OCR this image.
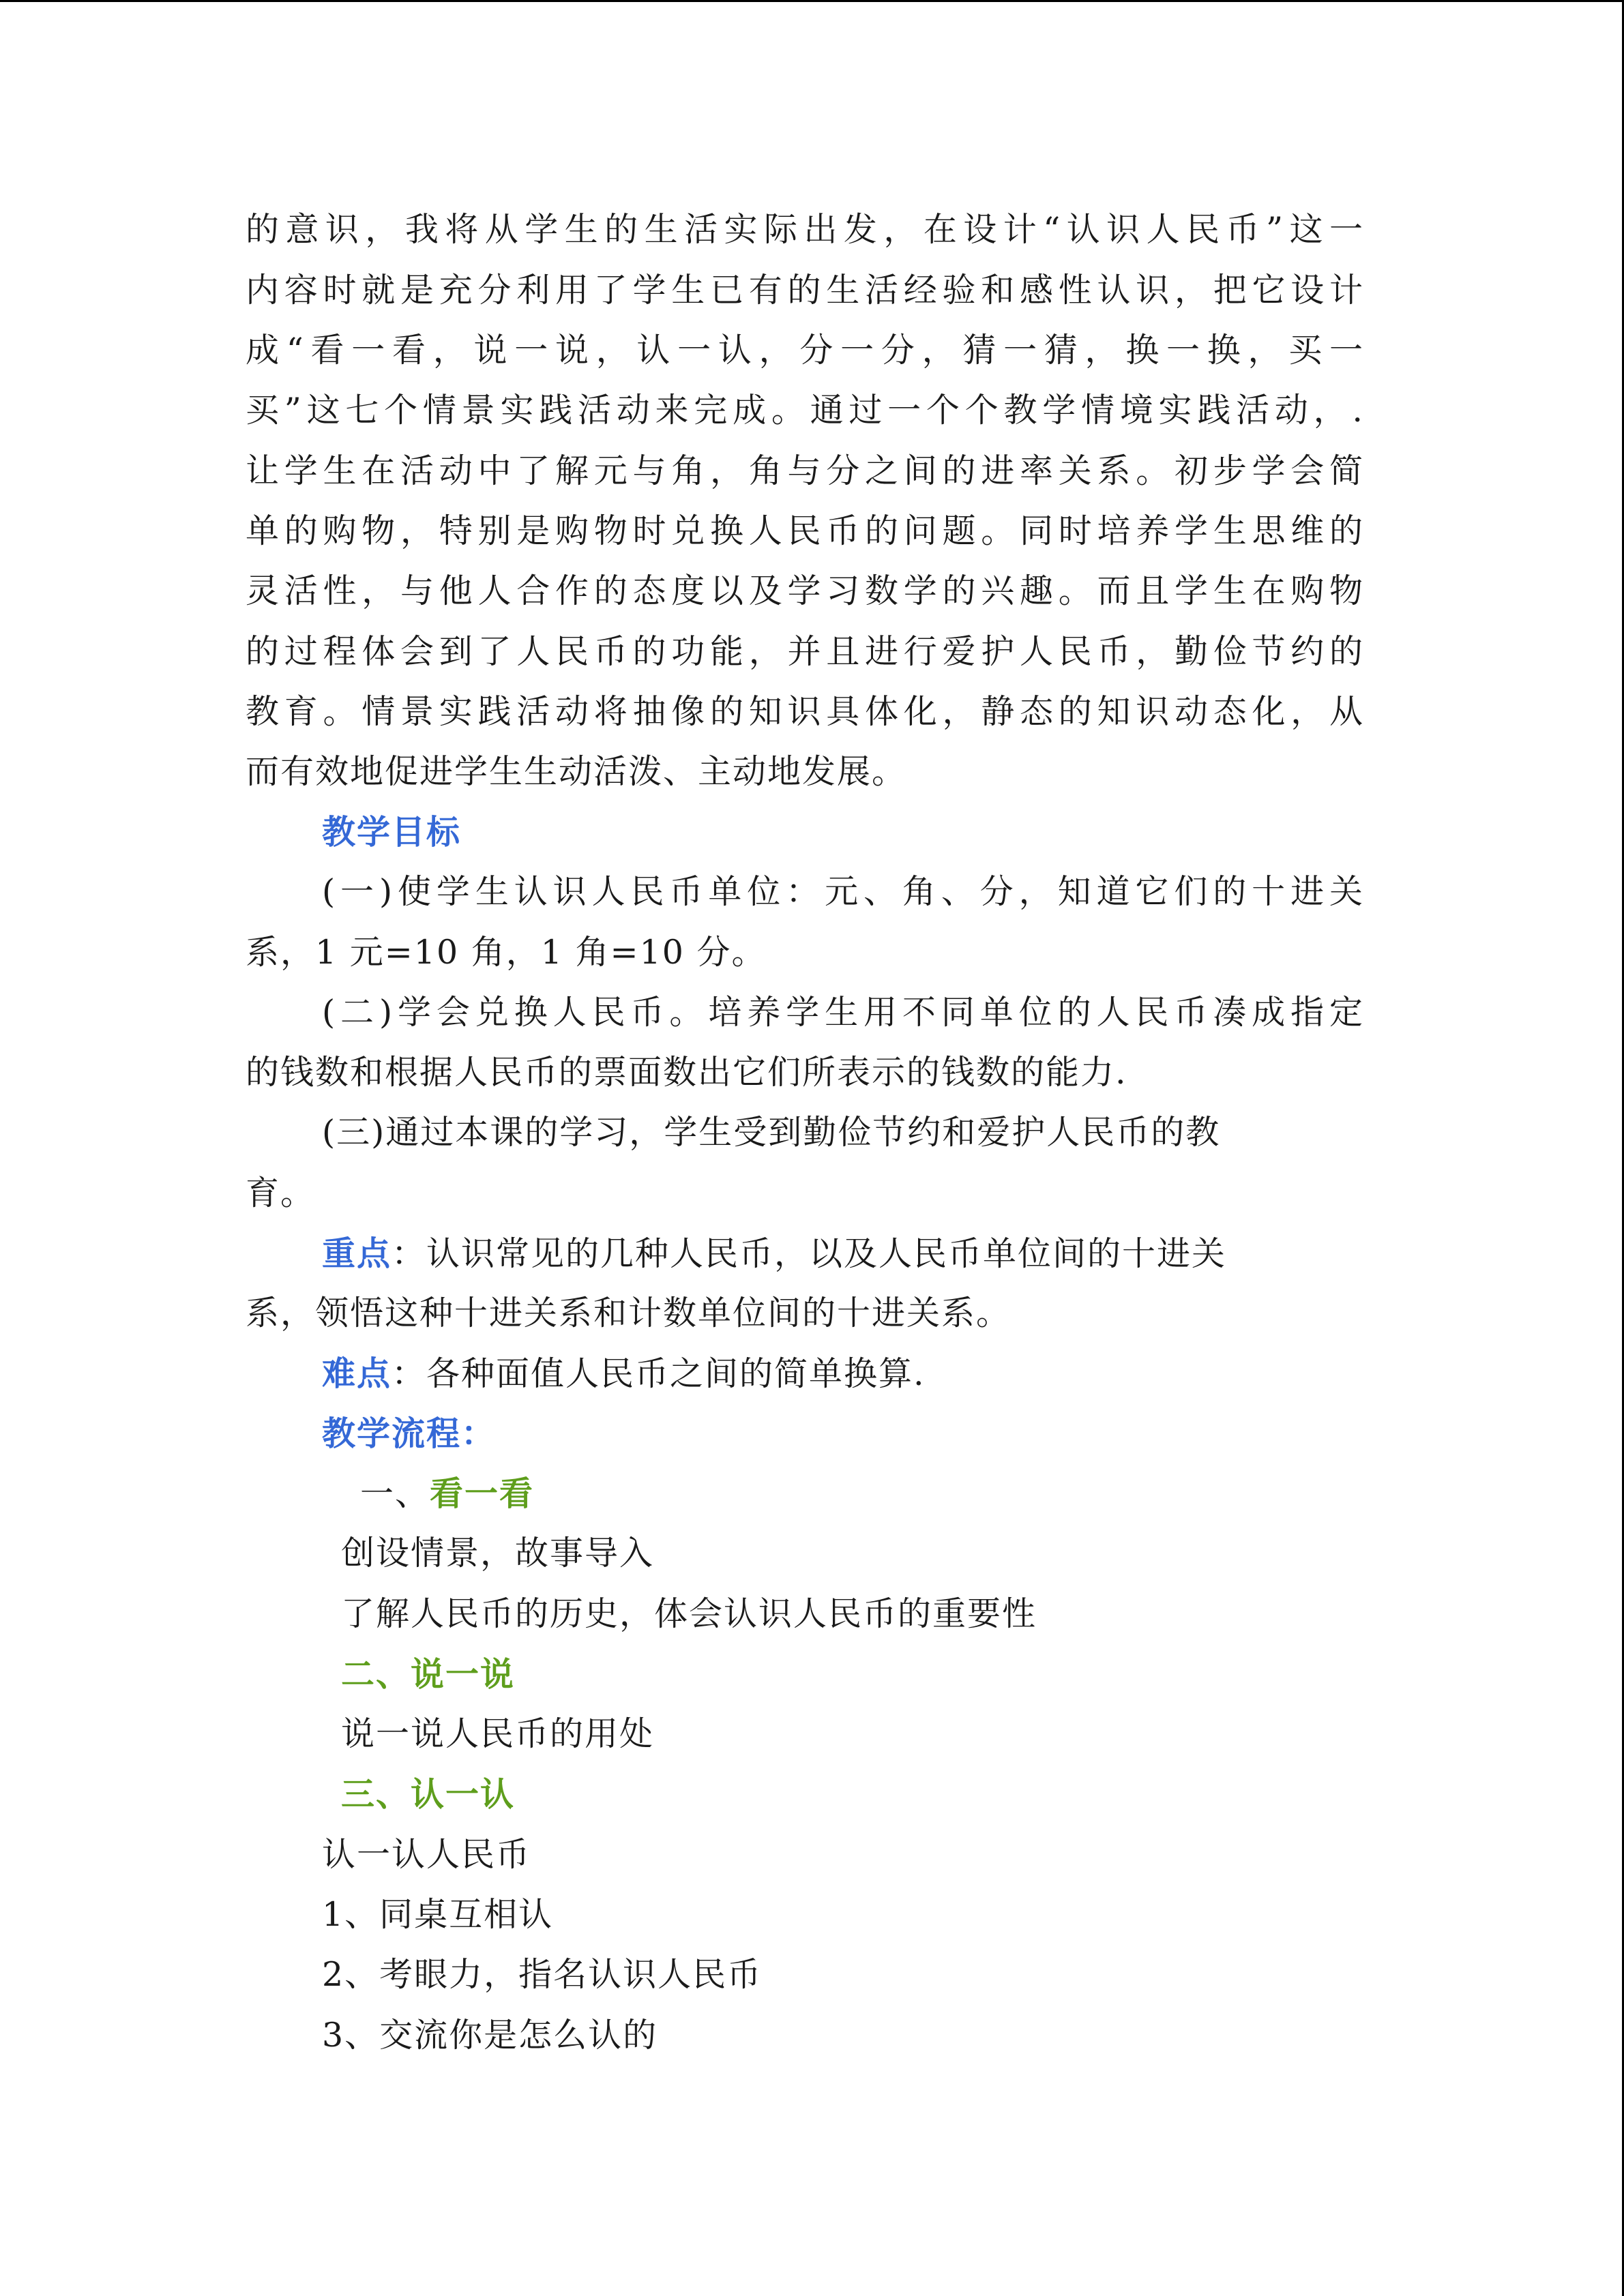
的意识，我将从学生的生活实际出发，在设计“认识人民币”这一
内容时就是充分利用了学生已有的生活经验和感性认识，把它设计
成“看一看，说一说，认一认，分一分，猜一猜，换一换，买一
买”这七个情景实践活动来完成。通过一个个教学情境实践活动，.
让学生在活动中了解元与角，角与分之间的进率关系。初步学会简
单的购物，特别是购物时兑换人民币的问题。同时培养学生思维的
灵活性，与他人合作的态度以及学习数学的兴趣。而且学生在购物
的过程体会到了人民币的功能，并且进行爱护人民币，勤俭节约的
教育。情景实践活动将抽像的知识具体化，静态的知识动态化，从
而有效地促进学生生动活泼、主动地发展。
教学目标
(一)使学生认识人民币单位：元、角、分，知道它们的十进关
系，1 元=10 角，1 角=10 分。
(二)学会兑换人民币。培养学生用不同单位的人民币凑成指定
的钱数和根据人民币的票面数出它们所表示的钱数的能力.
(三)通过本课的学习，学生受到勤俭节约和爱护人民币的教
育。
重点：认识常见的几种人民币，以及人民币单位间的十进关
系，领悟这种十进关系和计数单位间的十进关系。
难点：各种面值人民币之间的简单换算.
教学流程：
一、看一看
创设情景，故事导入
了解人民币的历史，体会认识人民币的重要性
二、说一说
说一说人民币的用处
三、认一认
认一认人民币
1、同桌互相认
2、考眼力，指名认识人民币
3、交流你是怎么认的
